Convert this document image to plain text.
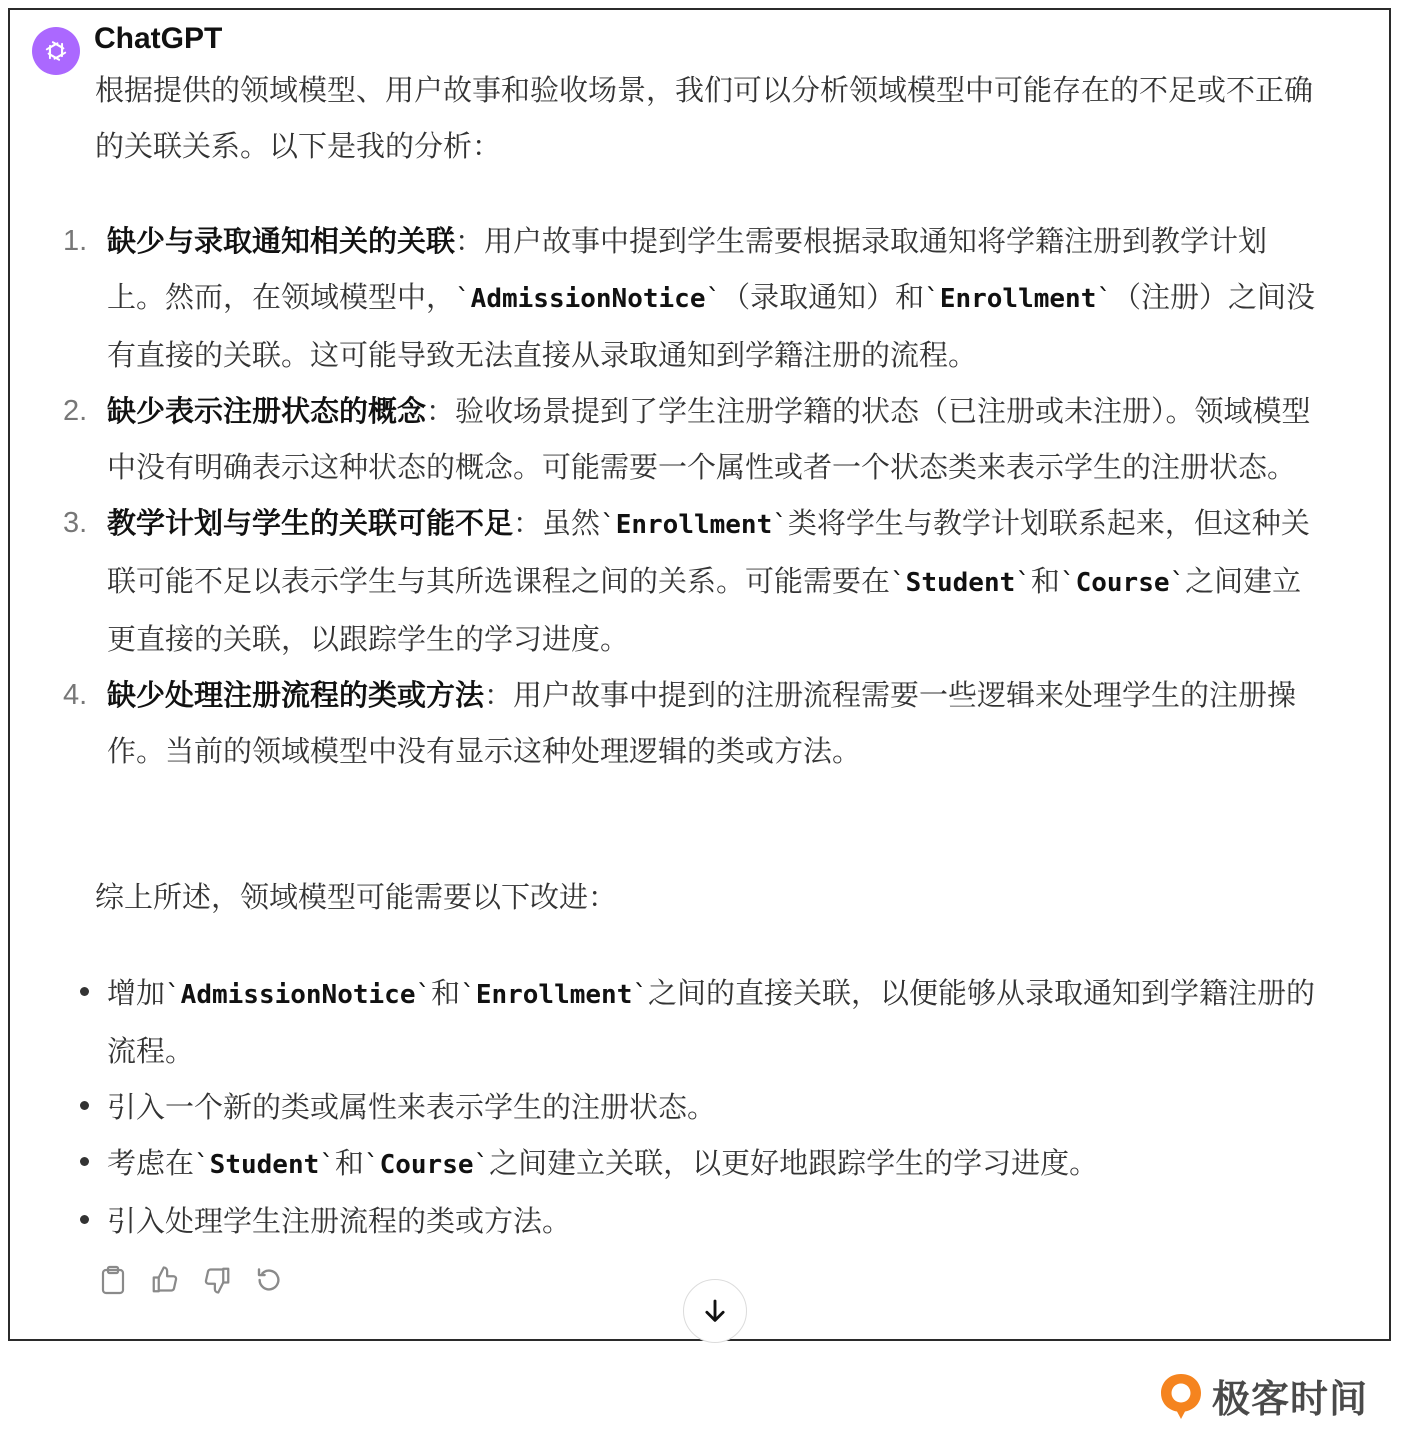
ChatGPT

根据提供的领域模型、用户故事和验收场景，我们可以分析领域模型中可能存在的不足或不正确的关联关系。以下是我的分析：

1. 缺少与录取通知相关的关联：用户故事中提到学生需要根据录取通知将学籍注册到教学计划上。然而，在领域模型中，`AdmissionNotice`（录取通知）和`Enrollment`（注册）之间没有直接的关联。这可能导致无法直接从录取通知到学籍注册的流程。
2. 缺少表示注册状态的概念：验收场景提到了学生注册学籍的状态（已注册或未注册）。领域模型中没有明确表示这种状态的概念。可能需要一个属性或者一个状态类来表示学生的注册状态。
3. 教学计划与学生的关联可能不足：虽然`Enrollment`类将学生与教学计划联系起来，但这种关联可能不足以表示学生与其所选课程之间的关系。可能需要在`Student`和`Course`之间建立更直接的关联，以跟踪学生的学习进度。
4. 缺少处理注册流程的类或方法：用户故事中提到的注册流程需要一些逻辑来处理学生的注册操作。当前的领域模型中没有显示这种处理逻辑的类或方法。

综上所述，领域模型可能需要以下改进：

增加`AdmissionNotice`和`Enrollment`之间的直接关联，以便能够从录取通知到学籍注册的流程。
引入一个新的类或属性来表示学生的注册状态。
考虑在`Student`和`Course`之间建立关联，以更好地跟踪学生的学习进度。
引入处理学生注册流程的类或方法。
极客时间
